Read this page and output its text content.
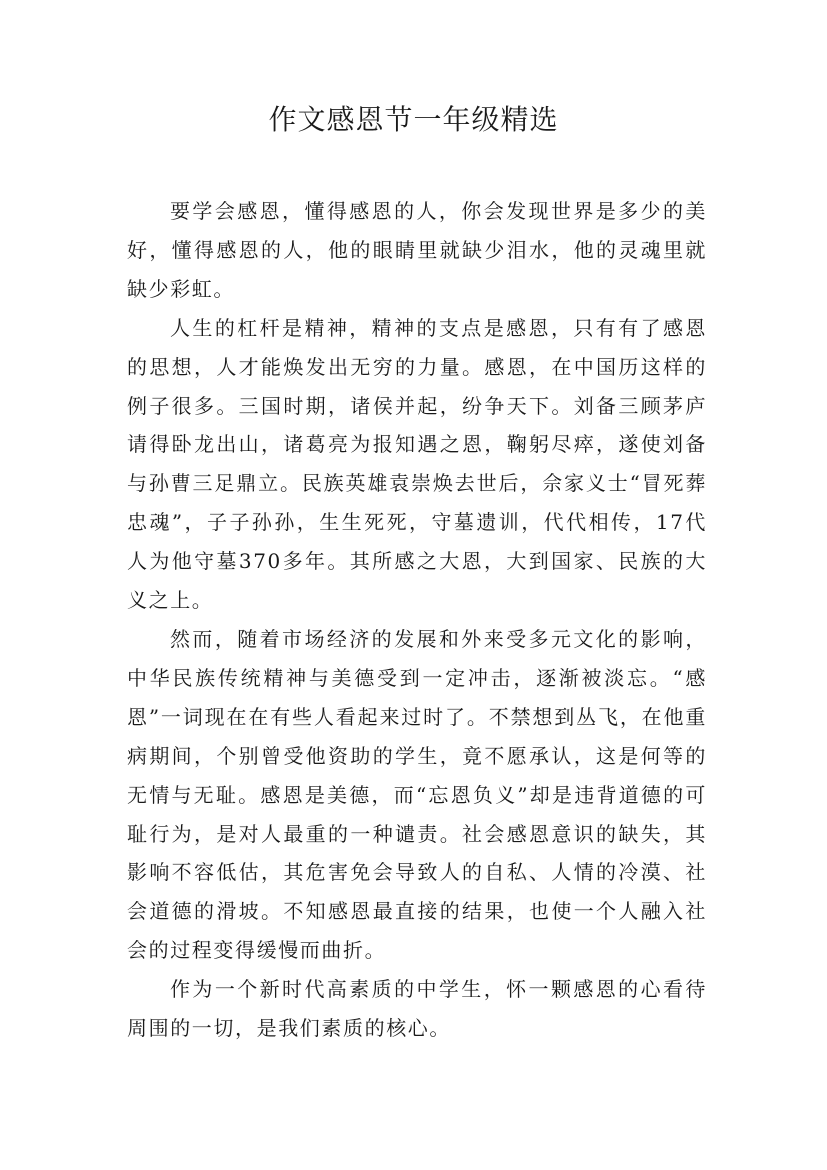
作文感恩节一年级精选

要学会感恩，懂得感恩的人，你会发现世界是多少的美好，懂得感恩的人，他的眼睛里就缺少泪水，他的灵魂里就缺少彩虹。

人生的杠杆是精神，精神的支点是感恩，只有有了感恩的思想，人才能焕发出无穷的力量。感恩，在中国历这样的例子很多。三国时期，诸侯并起，纷争天下。刘备三顾茅庐请得卧龙出山，诸葛亮为报知遇之恩，鞠躬尽瘁，遂使刘备与孙曹三足鼎立。民族英雄袁崇焕去世后，佘家义士“冒死葬忠魂”，子子孙孙，生生死死，守墓遗训，代代相传，17代人为他守墓370多年。其所感之大恩，大到国家、民族的大义之上。

然而，随着市场经济的发展和外来受多元文化的影响，中华民族传统精神与美德受到一定冲击，逐渐被淡忘。“感恩”一词现在在有些人看起来过时了。不禁想到丛飞，在他重病期间，个别曾受他资助的学生，竟不愿承认，这是何等的无情与无耻。感恩是美德，而“忘恩负义”却是违背道德的可耻行为，是对人最重的一种谴责。社会感恩意识的缺失，其影响不容低估，其危害免会导致人的自私、人情的冷漠、社会道德的滑坡。不知感恩最直接的结果，也使一个人融入社会的过程变得缓慢而曲折。

作为一个新时代高素质的中学生，怀一颗感恩的心看待周围的一切，是我们素质的核心。
